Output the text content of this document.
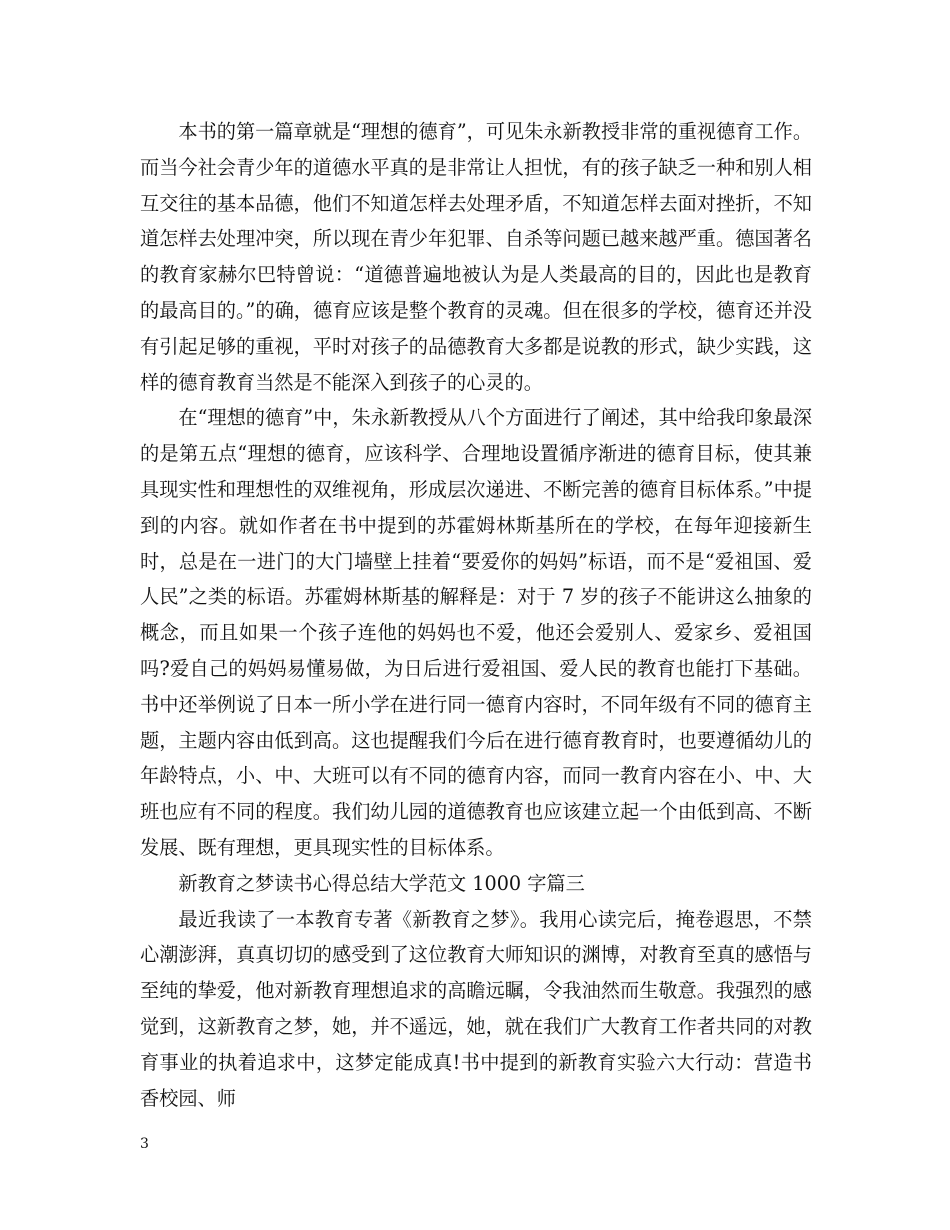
本书的第一篇章就是“理想的德育”，可见朱永新教授非常的重视德育工作。而当今社会青少年的道德水平真的是非常让人担忧，有的孩子缺乏一种和别人相互交往的基本品德，他们不知道怎样去处理矛盾，不知道怎样去面对挫折，不知道怎样去处理冲突，所以现在青少年犯罪、自杀等问题已越来越严重。德国著名的教育家赫尔巴特曾说：“道德普遍地被认为是人类最高的目的，因此也是教育的最高目的。”的确，德育应该是整个教育的灵魂。但在很多的学校，德育还并没有引起足够的重视，平时对孩子的品德教育大多都是说教的形式，缺少实践，这样的德育教育当然是不能深入到孩子的心灵的。

在“理想的德育”中，朱永新教授从八个方面进行了阐述，其中给我印象最深的是第五点“理想的德育，应该科学、合理地设置循序渐进的德育目标，使其兼具现实性和理想性的双维视角，形成层次递进、不断完善的德育目标体系。”中提到的内容。就如作者在书中提到的苏霍姆林斯基所在的学校，在每年迎接新生时，总是在一进门的大门墙壁上挂着“要爱你的妈妈”标语，而不是“爱祖国、爱人民”之类的标语。苏霍姆林斯基的解释是：对于 7 岁的孩子不能讲这么抽象的概念，而且如果一个孩子连他的妈妈也不爱，他还会爱别人、爱家乡、爱祖国吗?爱自己的妈妈易懂易做，为日后进行爱祖国、爱人民的教育也能打下基础。书中还举例说了日本一所小学在进行同一德育内容时，不同年级有不同的德育主题，主题内容由低到高。这也提醒我们今后在进行德育教育时，也要遵循幼儿的年龄特点，小、中、大班可以有不同的德育内容，而同一教育内容在小、中、大班也应有不同的程度。我们幼儿园的道德教育也应该建立起一个由低到高、不断发展、既有理想，更具现实性的目标体系。

新教育之梦读书心得总结大学范文 1000 字篇三

最近我读了一本教育专著《新教育之梦》。我用心读完后，掩卷遐思，不禁心潮澎湃，真真切切的感受到了这位教育大师知识的渊博，对教育至真的感悟与至纯的挚爱，他对新教育理想追求的高瞻远瞩，令我油然而生敬意。我强烈的感觉到，这新教育之梦，她，并不遥远，她，就在我们广大教育工作者共同的对教育事业的执着追求中，这梦定能成真!书中提到的新教育实验六大行动：营造书香校园、师

3
